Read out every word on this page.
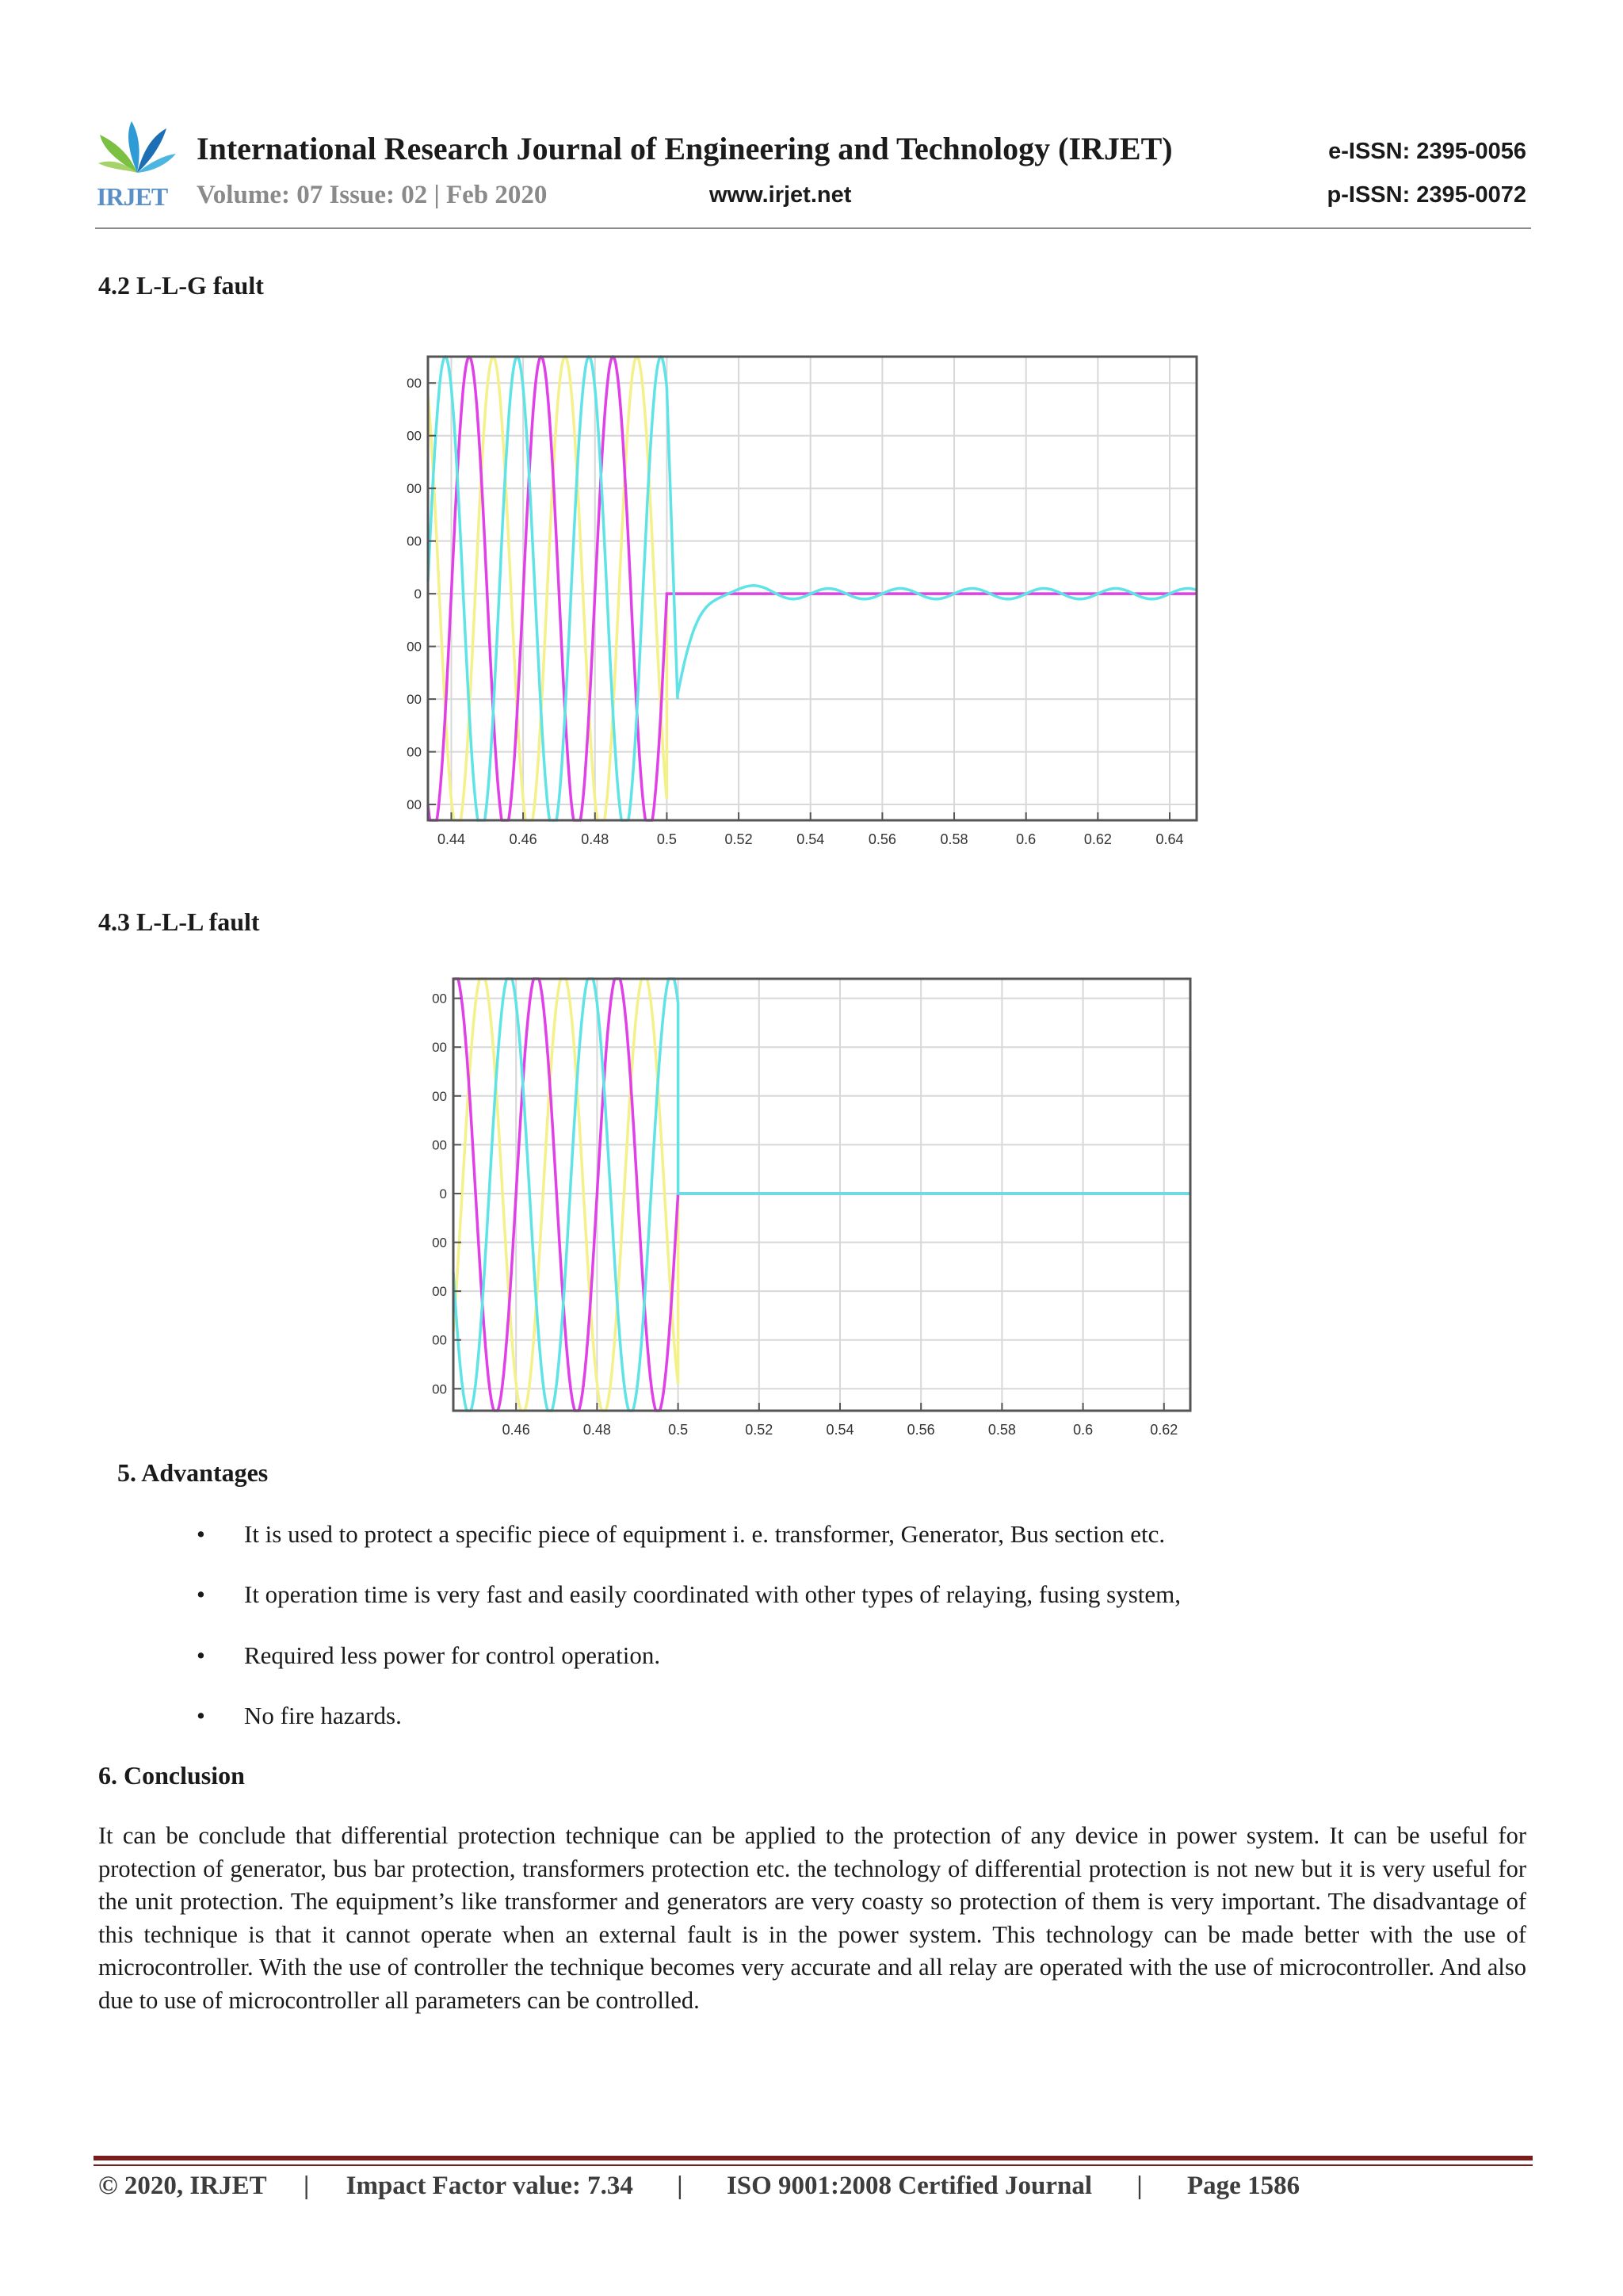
IRJET
International Research Journal of Engineering and Technology (IRJET)
Volume: 07 Issue: 02 | Feb 2020	www.irjet.net
e-ISSN: 2395-0056
p-ISSN: 2395-0072
4.2 L-L-G fault
0.44	0.46	0.48	0.5	0.52	0.54	0.56	0.58	0.6	0.62	0.64
00
00
00
00
0
00
00
00
00
4.3 L-L-L fault
0.46	0.48	0.5	0.52	0.54	0.56	0.58	0.6	0.62
00
00
00
00
0
00
00
00
00
5. Advantages
• It is used to protect a specific piece of equipment i. e. transformer, Generator, Bus section etc.
• It operation time is very fast and easily coordinated with other types of relaying, fusing system,
• Required less power for control operation.
• No fire hazards.
6. Conclusion
It can be conclude that differential protection technique can be applied to the protection of any device in power system. It can be useful for protection of generator, bus bar protection, transformers protection etc. the technology of differential protection is not new but it is very useful for the unit protection. The equipment’s like transformer and generators are very coasty so protection of them is very important. The disadvantage of this technique is that it cannot operate when an external fault is in the power system. This technology can be made better with the use of microcontroller. With the use of controller the technique becomes very accurate and all relay are operated with the use of microcontroller. And also due to use of microcontroller all parameters can be controlled.
© 2020, IRJET | Impact Factor value: 7.34 | ISO 9001:2008 Certified Journal | Page 1586
